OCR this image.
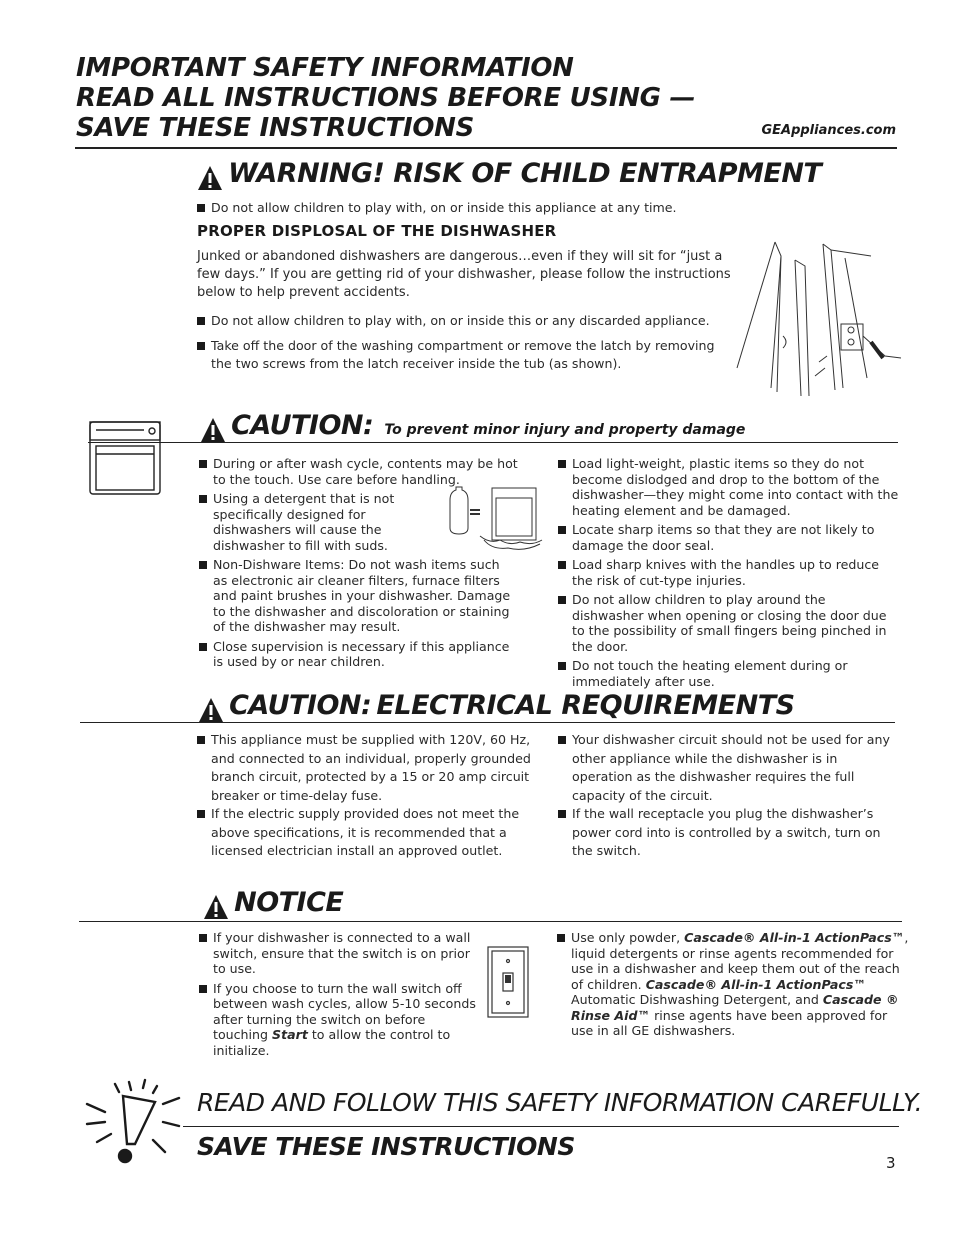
IMPORTANT SAFETY INFORMATION
READ ALL INSTRUCTIONS BEFORE USING —
SAVE THESE INSTRUCTIONS	GEAppliances.com
WARNING! RISK OF CHILD ENTRAPMENT
Do not allow children to play with, on or inside this appliance at any time.
PROPER DISPLOSAL OF THE DISHWASHER
Junked or abandoned dishwashers are dangerous…even if they will sit for “just a few days.” If you are getting rid of your dishwasher, please follow the instructions below to help prevent accidents.
Do not allow children to play with, on or inside this or any discarded appliance.
Take off the door of the washing compartment or remove the latch by removing the two screws from the latch receiver inside the tub (as shown).
CAUTION: To prevent minor injury and property damage
During or after wash cycle, contents may be hot to the touch. Use care before handling.
Using a detergent that is not specifically designed for dishwashers will cause the dishwasher to fill with suds.
Non-Dishware Items: Do not wash items such as electronic air cleaner filters, furnace filters and paint brushes in your dishwasher. Damage to the dishwasher and discoloration or staining of the dishwasher may result.
Close supervision is necessary if this appliance is used by or near children.
Load light-weight, plastic items so they do not become dislodged and drop to the bottom of the dishwasher—they might come into contact with the heating element and be damaged.
Locate sharp items so that they are not likely to damage the door seal.
Load sharp knives with the handles up to reduce the risk of cut-type injuries.
Do not allow children to play around the dishwasher when opening or closing the door due to the possibility of small fingers being pinched in the door.
Do not touch the heating element during or immediately after use.
CAUTION: ELECTRICAL REQUIREMENTS
This appliance must be supplied with 120V, 60 Hz, and connected to an individual, properly grounded branch circuit, protected by a 15 or 20 amp circuit breaker or time-delay fuse.
If the electric supply provided does not meet the above specifications, it is recommended that a licensed electrician install an approved outlet.
Your dishwasher circuit should not be used for any other appliance while the dishwasher is in operation as the dishwasher requires the full capacity of the circuit.
If the wall receptacle you plug the dishwasher’s power cord into is controlled by a switch, turn on the switch.
NOTICE
If your dishwasher is connected to a wall switch, ensure that the switch is on prior to use.
If you choose to turn the wall switch off between wash cycles, allow 5-10 seconds after turning the switch on before touching Start to allow the control to initialize.
Use only powder, Cascade® All-in-1 ActionPacs™, liquid detergents or rinse agents recommended for use in a dishwasher and keep them out of the reach of children. Cascade® All-in-1 ActionPacs™ Automatic Dishwashing Detergent, and Cascade ® Rinse Aid™ rinse agents have been approved for use in all GE dishwashers.
READ AND FOLLOW THIS SAFETY INFORMATION CAREFULLY.
SAVE THESE INSTRUCTIONS
3
